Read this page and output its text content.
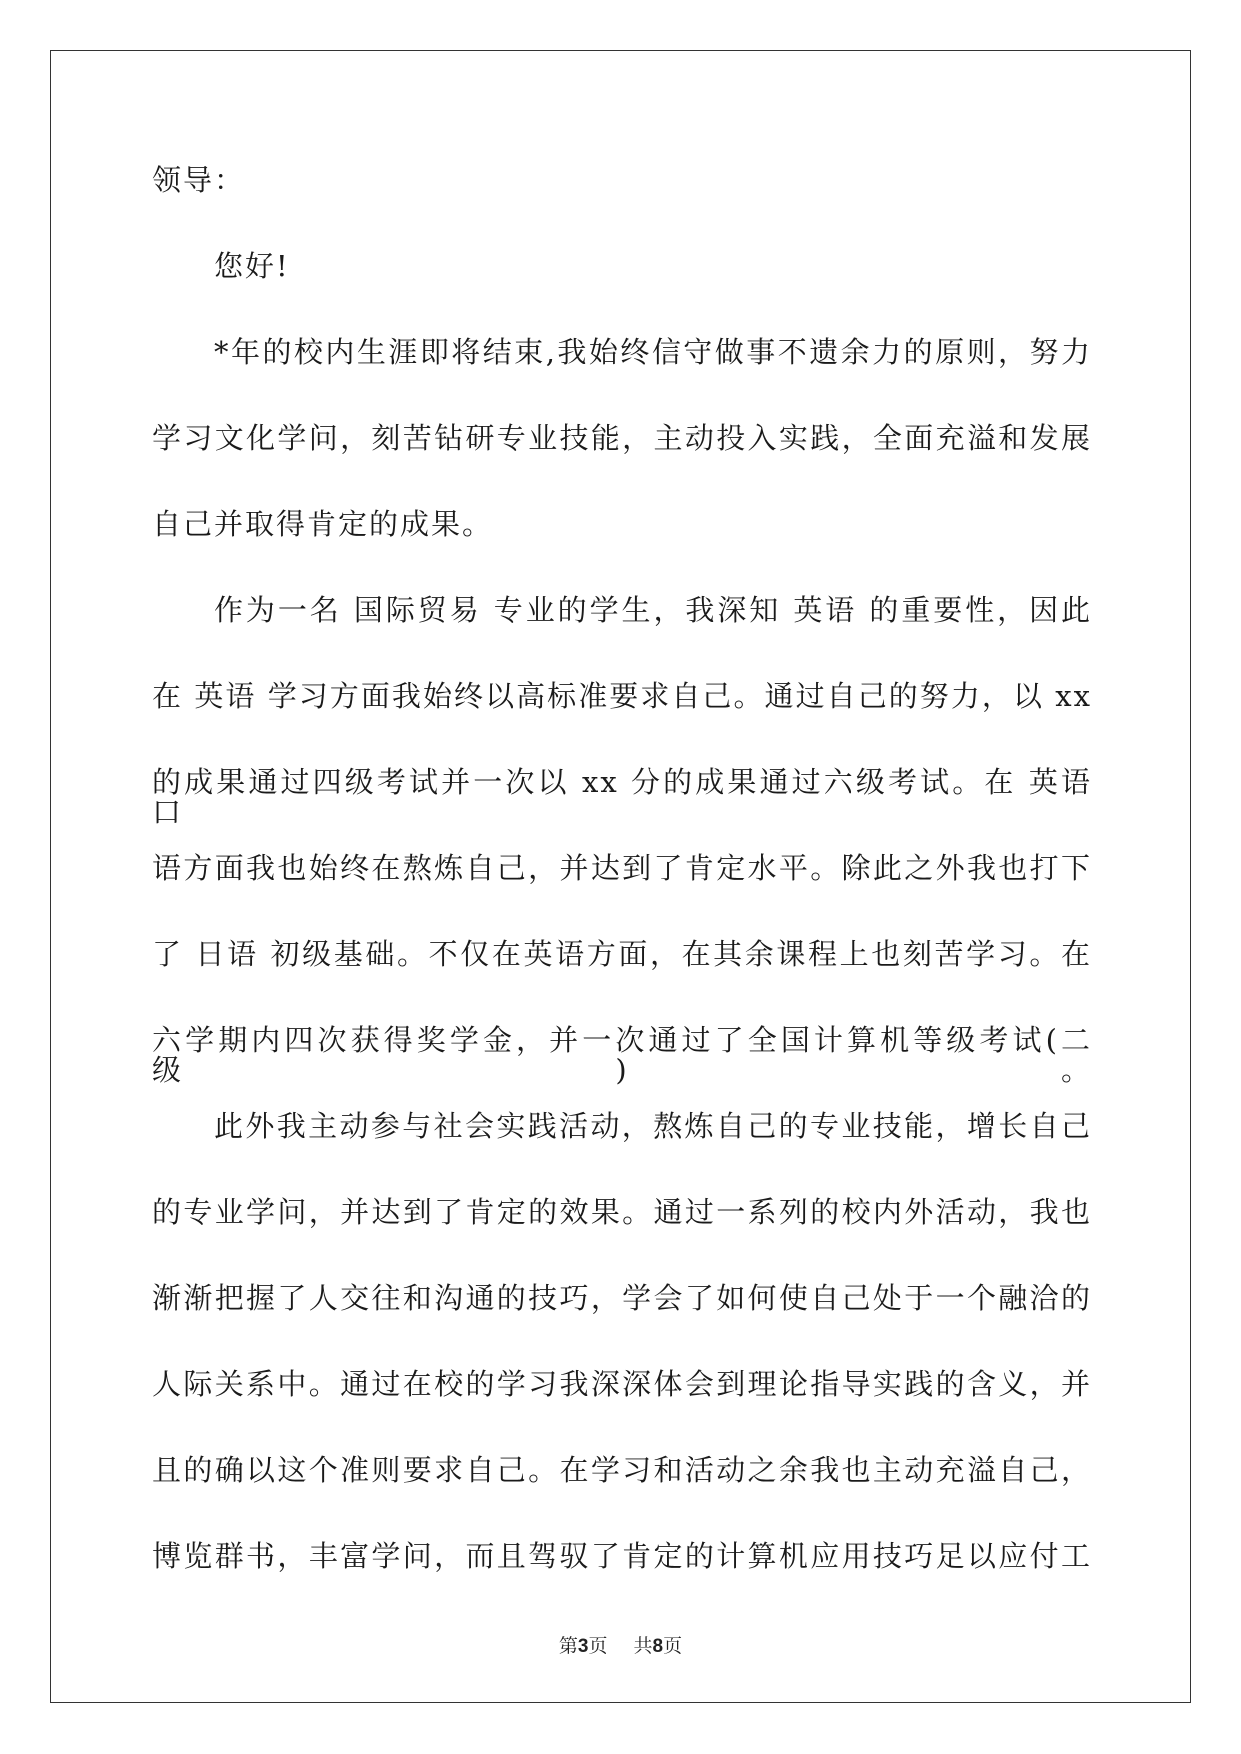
领导：
您好!
*年的校内生涯即将结束,我始终信守做事不遗余力的原则，努力
学习文化学问，刻苦钻研专业技能，主动投入实践，全面充溢和发展
自己并取得肯定的成果。
作为一名 国际贸易 专业的学生，我深知 英语 的重要性，因此
在 英语 学习方面我始终以高标准要求自己。通过自己的努力，以 xx
的成果通过四级考试并一次以 xx 分的成果通过六级考试。在 英语 口
语方面我也始终在熬炼自己，并达到了肯定水平。除此之外我也打下
了 日语 初级基础。不仅在英语方面，在其余课程上也刻苦学习。在
六学期内四次获得奖学金，并一次通过了全国计算机等级考试(二级)。
此外我主动参与社会实践活动，熬炼自己的专业技能，增长自己
的专业学问，并达到了肯定的效果。通过一系列的校内外活动，我也
渐渐把握了人交往和沟通的技巧，学会了如何使自己处于一个融洽的
人际关系中。通过在校的学习我深深体会到理论指导实践的含义，并
且的确以这个准则要求自己。在学习和活动之余我也主动充溢自己，
博览群书，丰富学问，而且驾驭了肯定的计算机应用技巧足以应付工
第3页 共8页
